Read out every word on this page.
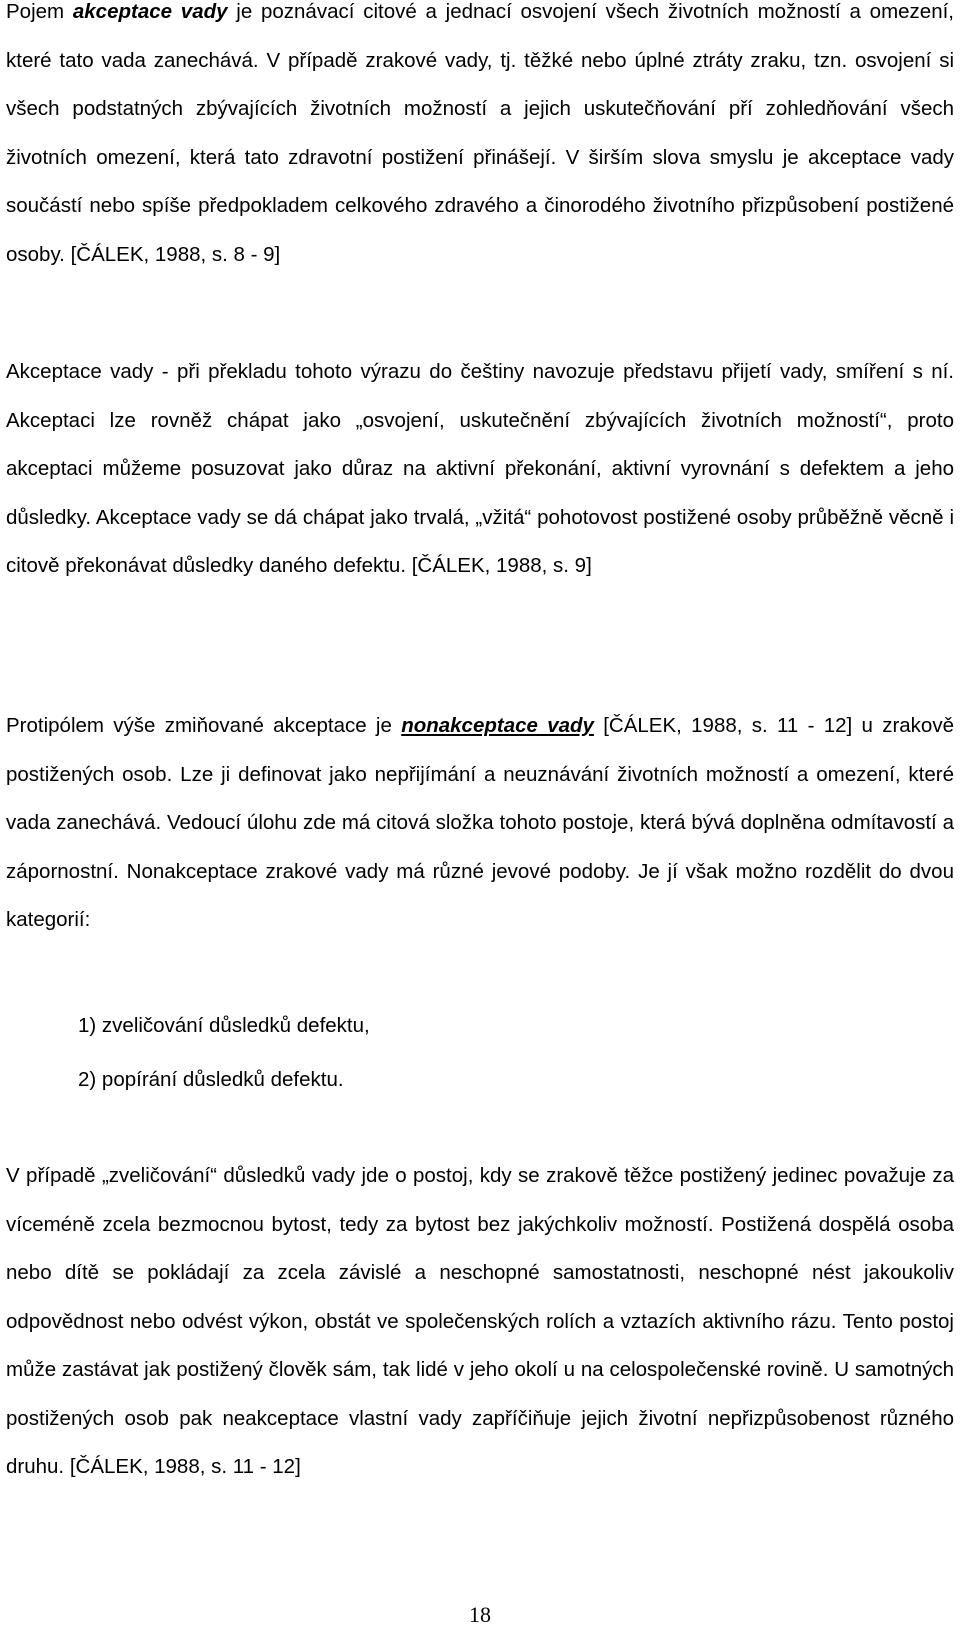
Pojem akceptace vady je poznávací citové a jednací osvojení všech životních možností a omezení, které tato vada zanechává. V případě zrakové vady, tj. těžké nebo úplné ztráty zraku, tzn. osvojení si všech podstatných zbývajících životních možností a jejich uskutečňování pří zohledňování všech životních omezení, která tato zdravotní postižení přinášejí. V širším slova smyslu je akceptace vady součástí nebo spíše předpokladem celkového zdravého a činorodého životního přizpůsobení postižené osoby. [ČÁLEK, 1988, s. 8 - 9]

Akceptace vady - při překladu tohoto výrazu do češtiny navozuje představu přijetí vady, smíření s ní. Akceptaci lze rovněž chápat jako „osvojení, uskutečnění zbývajících životních možností“, proto akceptaci můžeme posuzovat jako důraz na aktivní překonání, aktivní vyrovnání s defektem a jeho důsledky. Akceptace vady se dá chápat jako trvalá, „vžitá“ pohotovost postižené osoby průběžně věcně i citově překonávat důsledky daného defektu. [ČÁLEK, 1988, s. 9]

Protipólem výše zmiňované akceptace je nonakceptace vady [ČÁLEK, 1988, s. 11 - 12] u zrakově postižených osob. Lze ji definovat jako nepřijímání a neuznávání životních možností a omezení, které vada zanechává. Vedoucí úlohu zde má citová složka tohoto postoje, která bývá doplněna odmítavostí a zápornostní. Nonakceptace zrakové vady má různé jevové podoby. Je jí však možno rozdělit do dvou kategorií:

1) zveličování důsledků defektu,

2) popírání důsledků defektu.

V případě „zveličování“ důsledků vady jde o postoj, kdy se zrakově těžce postižený jedinec považuje za víceméně zcela bezmocnou bytost, tedy za bytost bez jakýchkoliv možností. Postižená dospělá osoba nebo dítě se pokládají za zcela závislé a neschopné samostatnosti, neschopné nést jakoukoliv odpovědnost nebo odvést výkon, obstát ve společenských rolích a vztazích aktivního rázu. Tento postoj může zastávat jak postižený člověk sám, tak lidé v jeho okolí u na celospolečenské rovině. U samotných postižených osob pak neakceptace vlastní vady zapříčiňuje jejich životní nepřizpůsobenost různého druhu. [ČÁLEK, 1988, s. 11 - 12]

18
